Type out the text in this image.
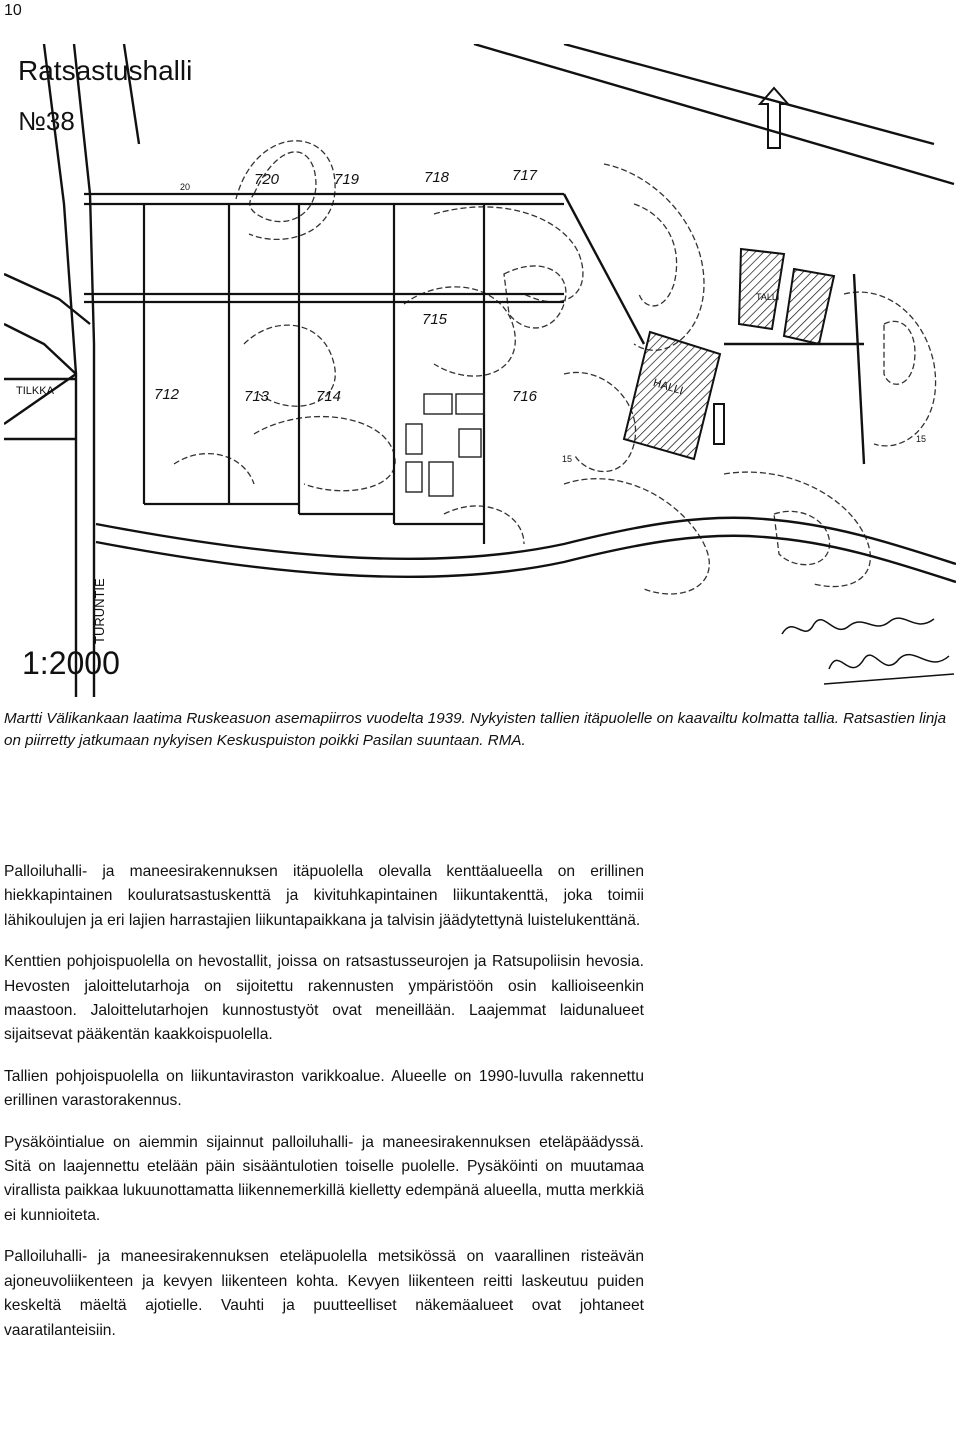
10
Ratsastushalli
№38
1:2000
TURUNTIE
TILKKA	HALLI
TALLI
720	719	718	717
715
712	713	714	716
20
15
15

Martti Välikankaan laatima Ruskeasuon asemapiirros vuodelta 1939. Nykyisten tallien itäpuolelle on kaavailtu kolmatta tallia. Ratsastien linja on piirretty jatkumaan nykyisen Keskuspuiston poikki Pasilan suuntaan. RMA.

Palloiluhalli- ja maneesirakennuksen itäpuolella olevalla kenttäalueella on erillinen hiekkapintainen kouluratsastuskenttä ja kivituhkapintainen liikuntakenttä, joka toimii lähikoulujen ja eri lajien harrastajien liikuntapaikkana ja talvisin jäädytettynä luistelukenttänä.

Kenttien pohjoispuolella on hevostallit, joissa on ratsastusseurojen ja Ratsupoliisin hevosia. Hevosten jaloittelutarhoja on sijoitettu rakennusten ympäristöön osin kallioiseenkin maastoon. Jaloittelutarhojen kunnostustyöt ovat meneillään. Laajemmat laidunalueet sijaitsevat pääkentän kaakkoispuolella.

Tallien pohjoispuolella on liikuntaviraston varikkoalue. Alueelle on 1990-luvulla rakennettu erillinen varastorakennus.

Pysäköintialue on aiemmin sijainnut palloiluhalli- ja maneesirakennuksen eteläpäädyssä. Sitä on laajennettu etelään päin sisääntulotien toiselle puolelle. Pysäköinti on muutamaa virallista paikkaa lukuunottamatta liikennemerkillä kielletty edempänä alueella, mutta merkkiä ei kunnioiteta.

Palloiluhalli- ja maneesirakennuksen eteläpuolella metsikössä on vaarallinen risteävän ajoneuvoliikenteen ja kevyen liikenteen kohta. Kevyen liikenteen reitti laskeutuu puiden keskeltä mäeltä ajotielle. Vauhti ja puutteelliset näkemäalueet ovat johtaneet vaaratilanteisiin.
